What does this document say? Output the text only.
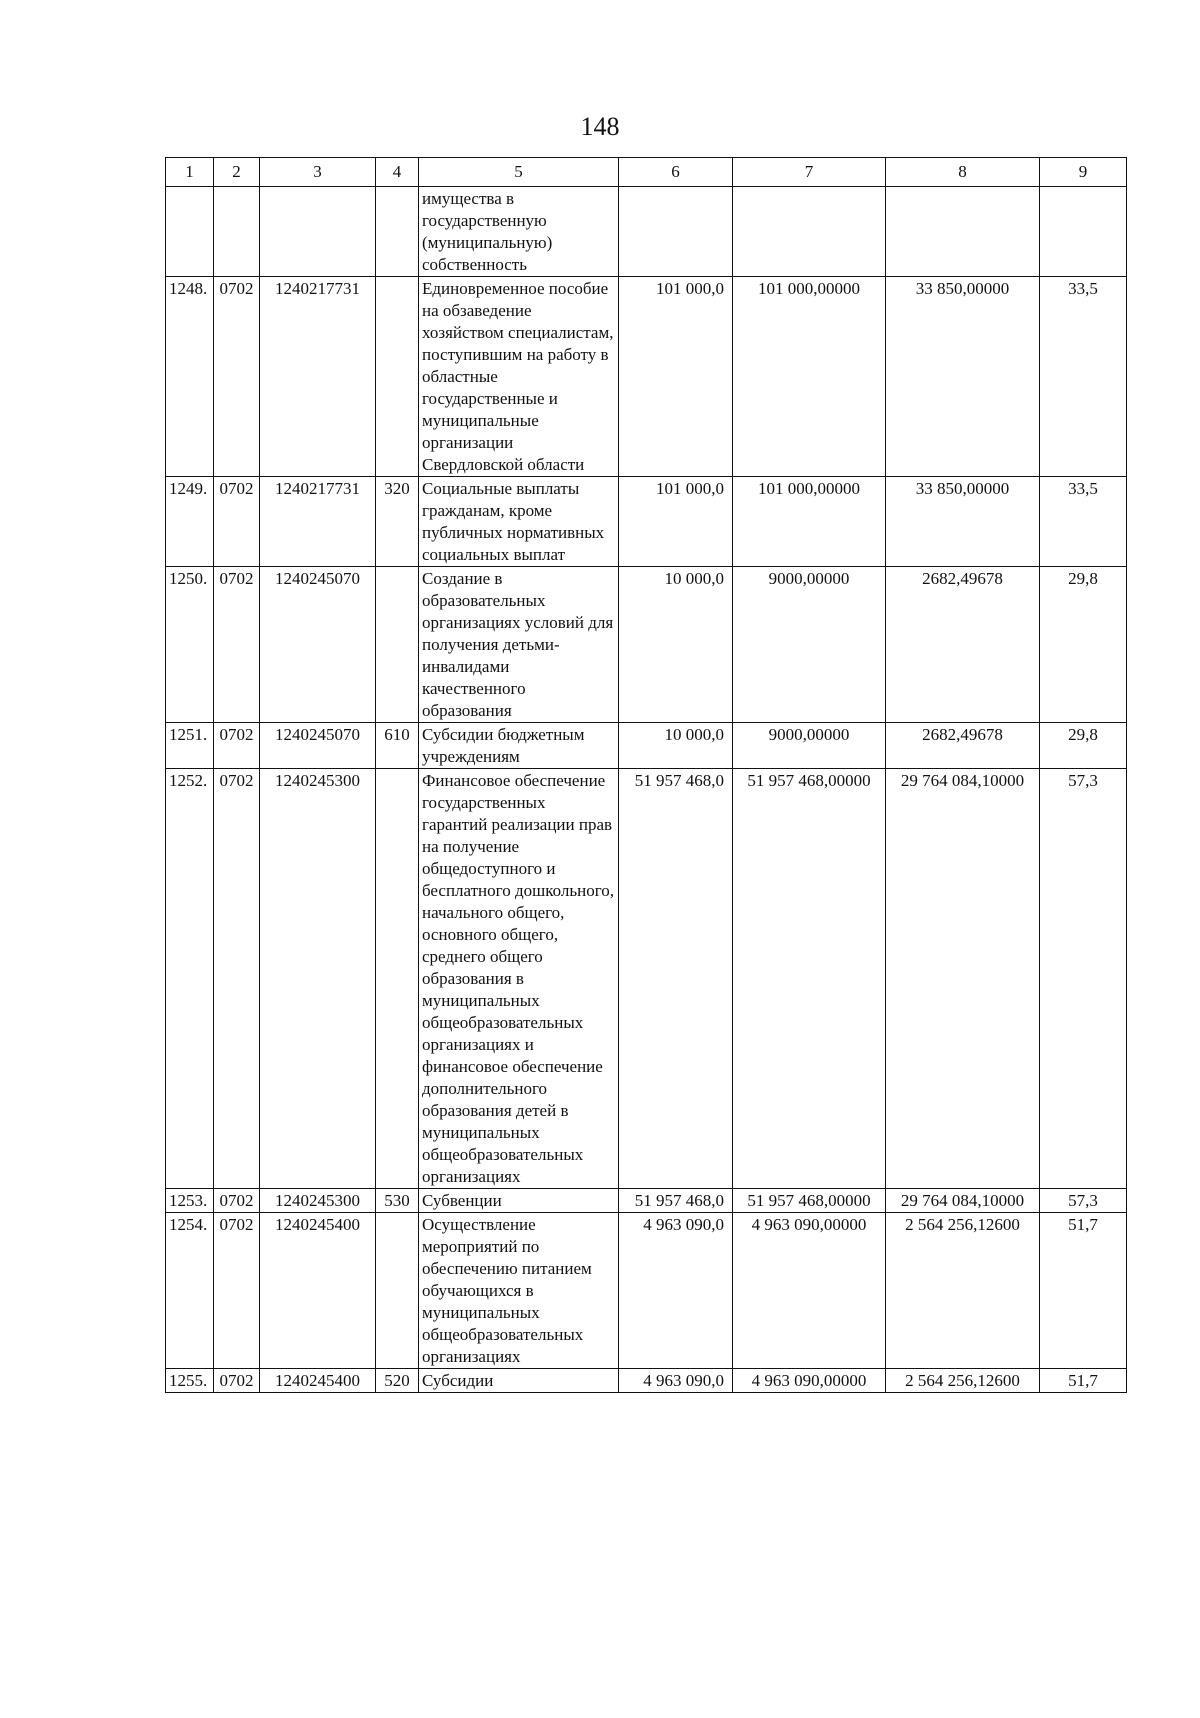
148
1	2	3	4	5	6	7	8	9
				имущества в государственную (муниципальную) собственность				
1248.	0702	1240217731		Единовременное пособие на обзаведение хозяйством специалистам, поступившим на работу в областные государственные и муниципальные организации Свердловской области	101 000,0	101 000,00000	33 850,00000	33,5
1249.	0702	1240217731	320	Социальные выплаты гражданам, кроме публичных нормативных социальных выплат	101 000,0	101 000,00000	33 850,00000	33,5
1250.	0702	1240245070		Создание в образовательных организациях условий для получения детьми-инвалидами качественного образования	10 000,0	9000,00000	2682,49678	29,8
1251.	0702	1240245070	610	Субсидии бюджетным учреждениям	10 000,0	9000,00000	2682,49678	29,8
1252.	0702	1240245300		Финансовое обеспечение государственных гарантий реализации прав на получение общедоступного и бесплатного дошкольного, начального общего, основного общего, среднего общего образования в муниципальных общеобразовательных организациях и финансовое обеспечение дополнительного образования детей в муниципальных общеобразовательных организациях	51 957 468,0	51 957 468,00000	29 764 084,10000	57,3
1253.	0702	1240245300	530	Субвенции	51 957 468,0	51 957 468,00000	29 764 084,10000	57,3
1254.	0702	1240245400		Осуществление мероприятий по обеспечению питанием обучающихся в муниципальных общеобразовательных организациях	4 963 090,0	4 963 090,00000	2 564 256,12600	51,7
1255.	0702	1240245400	520	Субсидии	4 963 090,0	4 963 090,00000	2 564 256,12600	51,7
